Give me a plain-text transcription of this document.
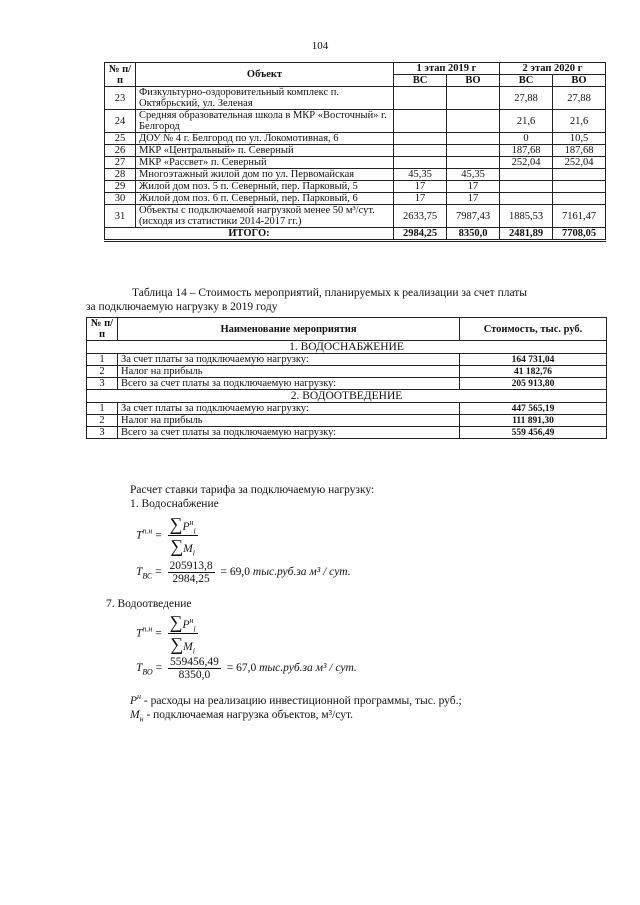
104
№ п/п	Объект	1 этап 2019 г		2 этап 2020 г	
		ВС	ВО	ВС	ВО
23	Физкультурно-оздоровительный комплекс п. Октябрьский, ул. Зеленая			27,88	27,88
24	Средняя образовательная школа в МКР «Восточный» г. Белгород			21,6	21,6
25	ДОУ № 4 г. Белгород по ул. Локомотивная, 6			0	10,5
26	МКР «Центральный» п. Северный			187,68	187,68
27	МКР «Рассвет» п. Северный			252,04	252,04
28	Многоэтажный жилой дом по ул. Первомайская	45,35	45,35		
29	Жилой дом поз. 5 п. Северный, пер. Парковый, 5	17	17		
30	Жилой дом поз. 6 п. Северный, пер. Парковый, 6	17	17		
31	Объекты с подключаемой нагрузкой менее 50 м³/сут. (исходя из статистики 2014-2017 гг.)	2633,75	7987,43	1885,53	7161,47
ИТОГО:		2984,25	8350,0	2481,89	7708,05
Таблица 14 – Стоимость мероприятий, планируемых к реализации за счет платы
за подключаемую нагрузку в 2019 году
№ п/п	Наименование мероприятия	Стоимость, тыс. руб.
1. ВОДОСНАБЖЕНИЕ		
1	За счет платы за подключаемую нагрузку:	164 731,04
2	Налог на прибыль	41 182,76
3	Всего за счет платы за подключаемую нагрузку:	205 913,80
2. ВОДООТВЕДЕНИЕ		
1	За счет платы за подключаемую нагрузку:	447 565,19
2	Налог на прибыль	111 891,30
3	Всего за счет платы за подключаемую нагрузку:	559 456,49
Расчет ставки тарифа за подключаемую нагрузку:
1. Водоснабжение
$Т^{п.н} = \frac{\sum P^н_i}{\sum M_i}$
$Т_{ВС} = \frac{205913,8}{2984,25} = 69,0$ тыс.руб.за м³ / сут.
7. Водоотведение
$Т^{п.н} = \frac{\sum P^н_i}{\sum M_i}$
$Т_{ВО} = \frac{559456,49}{8350,0} = 67,0$ тыс.руб.за м³ / сут.
$Р^н$ - расходы на реализацию инвестиционной программы, тыс. руб.;
$М_н$ - подключаемая нагрузка объектов, м³/сут.
